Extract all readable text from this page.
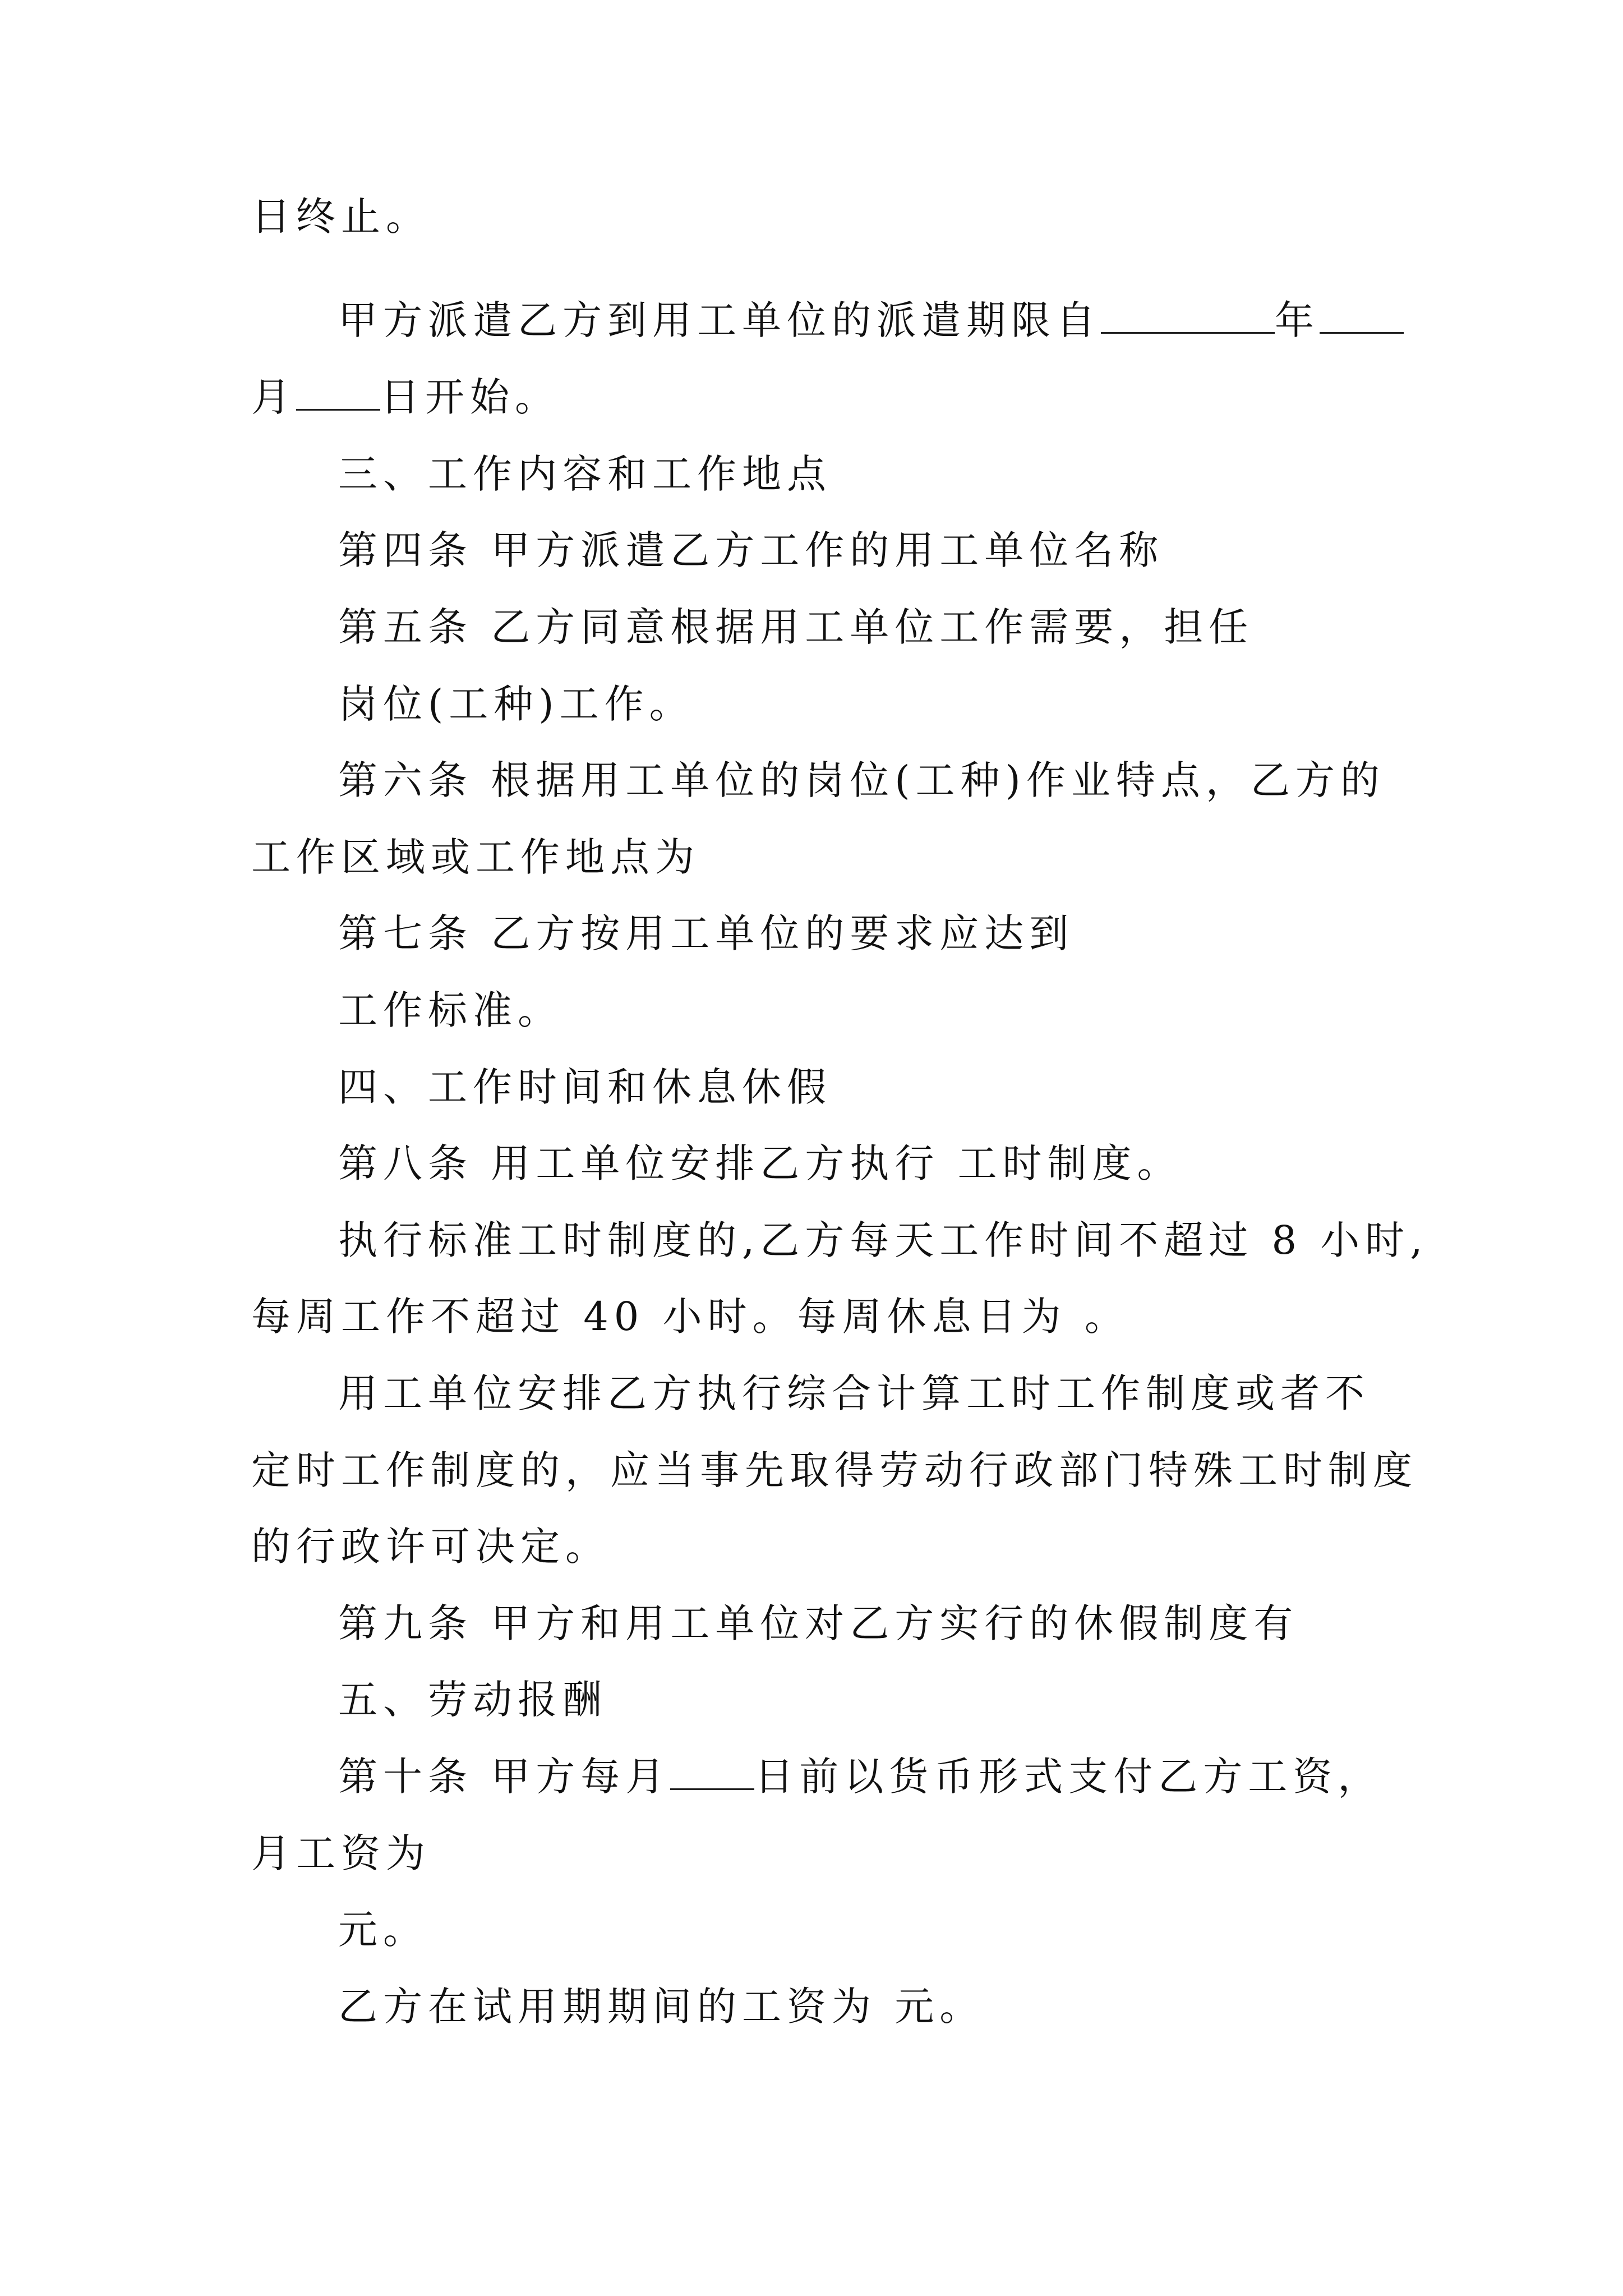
日终止。

甲方派遣乙方到用工单位的派遣期限自	年

月 日开始。

三、工作内容和工作地点

第四条 甲方派遣乙方工作的用工单位名称

第五条 乙方同意根据用工单位工作需要，担任

岗位(工种)工作。

第六条 根据用工单位的岗位(工种)作业特点，乙方的

工作区域或工作地点为

第七条 乙方按用工单位的要求应达到

工作标准。

四、工作时间和休息休假

第八条 用工单位安排乙方执行 工时制度。

执行标准工时制度的,乙方每天工作时间不超过 8 小时,

每周工作不超过 40 小时。每周休息日为 。

用工单位安排乙方执行综合计算工时工作制度或者不

定时工作制度的，应当事先取得劳动行政部门特殊工时制度

的行政许可决定。

第九条 甲方和用工单位对乙方实行的休假制度有

五、劳动报酬

第十条 甲方每月 日前以货币形式支付乙方工资，

月工资为

元。

乙方在试用期期间的工资为 元。
